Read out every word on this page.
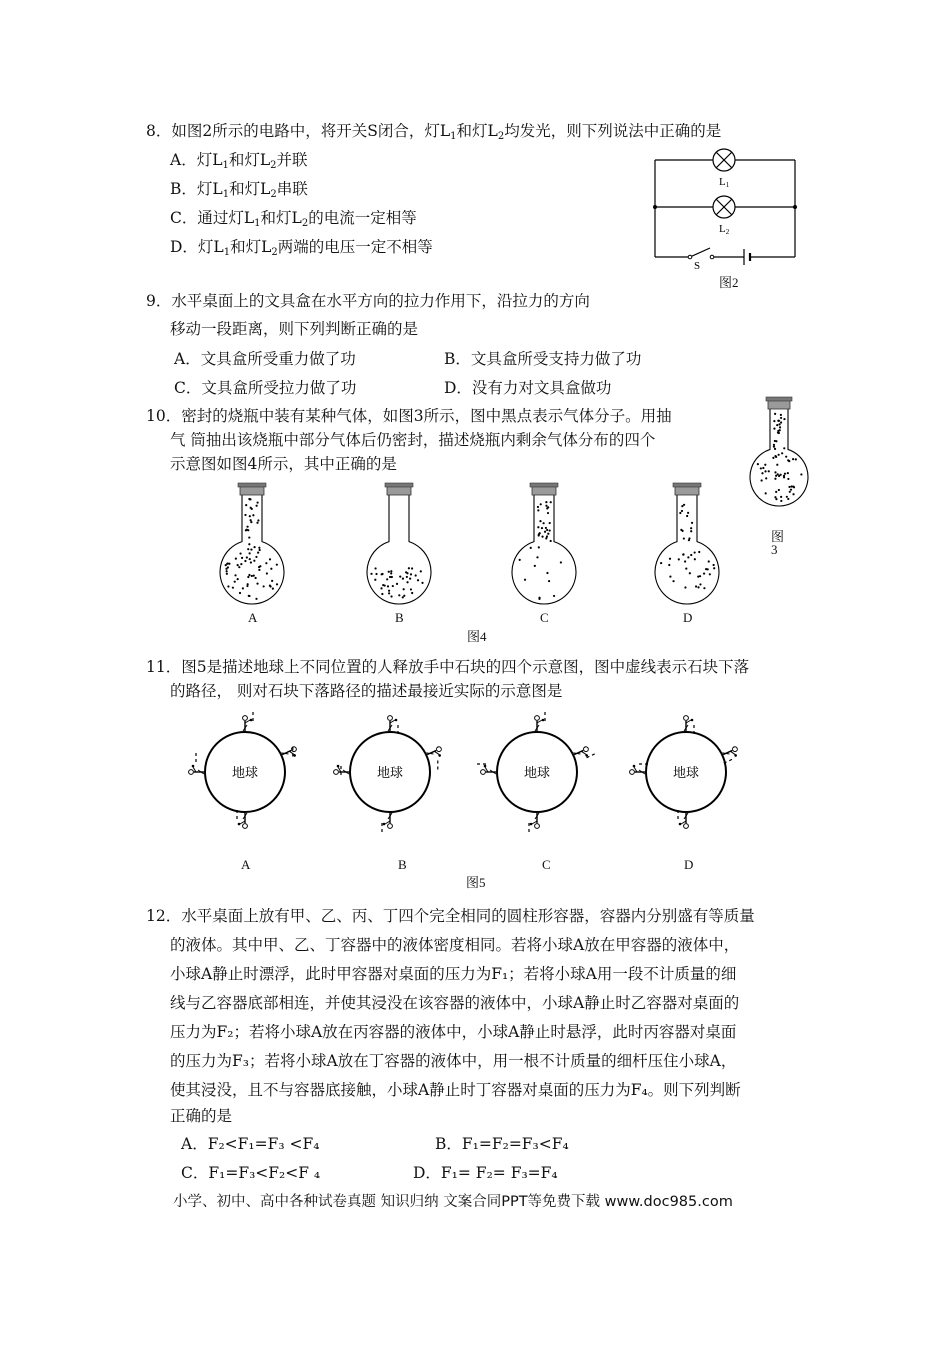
8．如图2所示的电路中，将开关S闭合，灯$L_1$和灯$L_2$均发光，则下列说法中正确的是
A．灯$L_1$和灯$L_2$并联
B．灯$L_1$和灯$L_2$串联
C．通过灯$L_1$和灯$L_2$的电流一定相等
D．灯$L_1$和灯$L_2$两端的电压一定不相等
L1
L2
S
图2
9．水平桌面上的文具盒在水平方向的拉力作用下，沿拉力的方向
移动一段距离，则下列判断正确的是
A．文具盒所受重力做了功	B．文具盒所受支持力做了功
C．文具盒所受拉力做了功	D．没有力对文具盒做功
10．密封的烧瓶中装有某种气体，如图3所示，图中黑点表示气体分子。用抽
气 筒抽出该烧瓶中部分气体后仍密封，描述烧瓶内剩余气体分布的四个
示意图如图4所示，其中正确的是
图
3
A	B	C	D
图4
11．图5是描述地球上不同位置的人释放手中石块的四个示意图，图中虚线表示石块下落
的路径， 则对石块下落路径的描述最接近实际的示意图是
地球	地球	地球	地球
A	B	C	D
图5
12．水平桌面上放有甲、乙、丙、丁四个完全相同的圆柱形容器，容器内分别盛有等质量
的液体。其中甲、乙、丁容器中的液体密度相同。若将小球A放在甲容器的液体中，
小球A静止时漂浮，此时甲容器对桌面的压力为F₁；若将小球A用一段不计质量的细
线与乙容器底部相连，并使其浸没在该容器的液体中，小球A静止时乙容器对桌面的
压力为F₂；若将小球A放在丙容器的液体中，小球A静止时悬浮，此时丙容器对桌面
的压力为F₃；若将小球A放在丁容器的液体中，用一根不计质量的细杆压住小球A，
使其浸没，且不与容器底接触，小球A静止时丁容器对桌面的压力为F₄。则下列判断
正确的是
A．F₂<F₁=F₃ <F₄	B．F₁=F₂=F₃<F₄
C．F₁=F₃<F₂<F ₄	D．F₁= F₂= F₃=F₄
小学、初中、高中各种试卷真题 知识归纳 文案合同PPT等免费下载 www.doc985.com
